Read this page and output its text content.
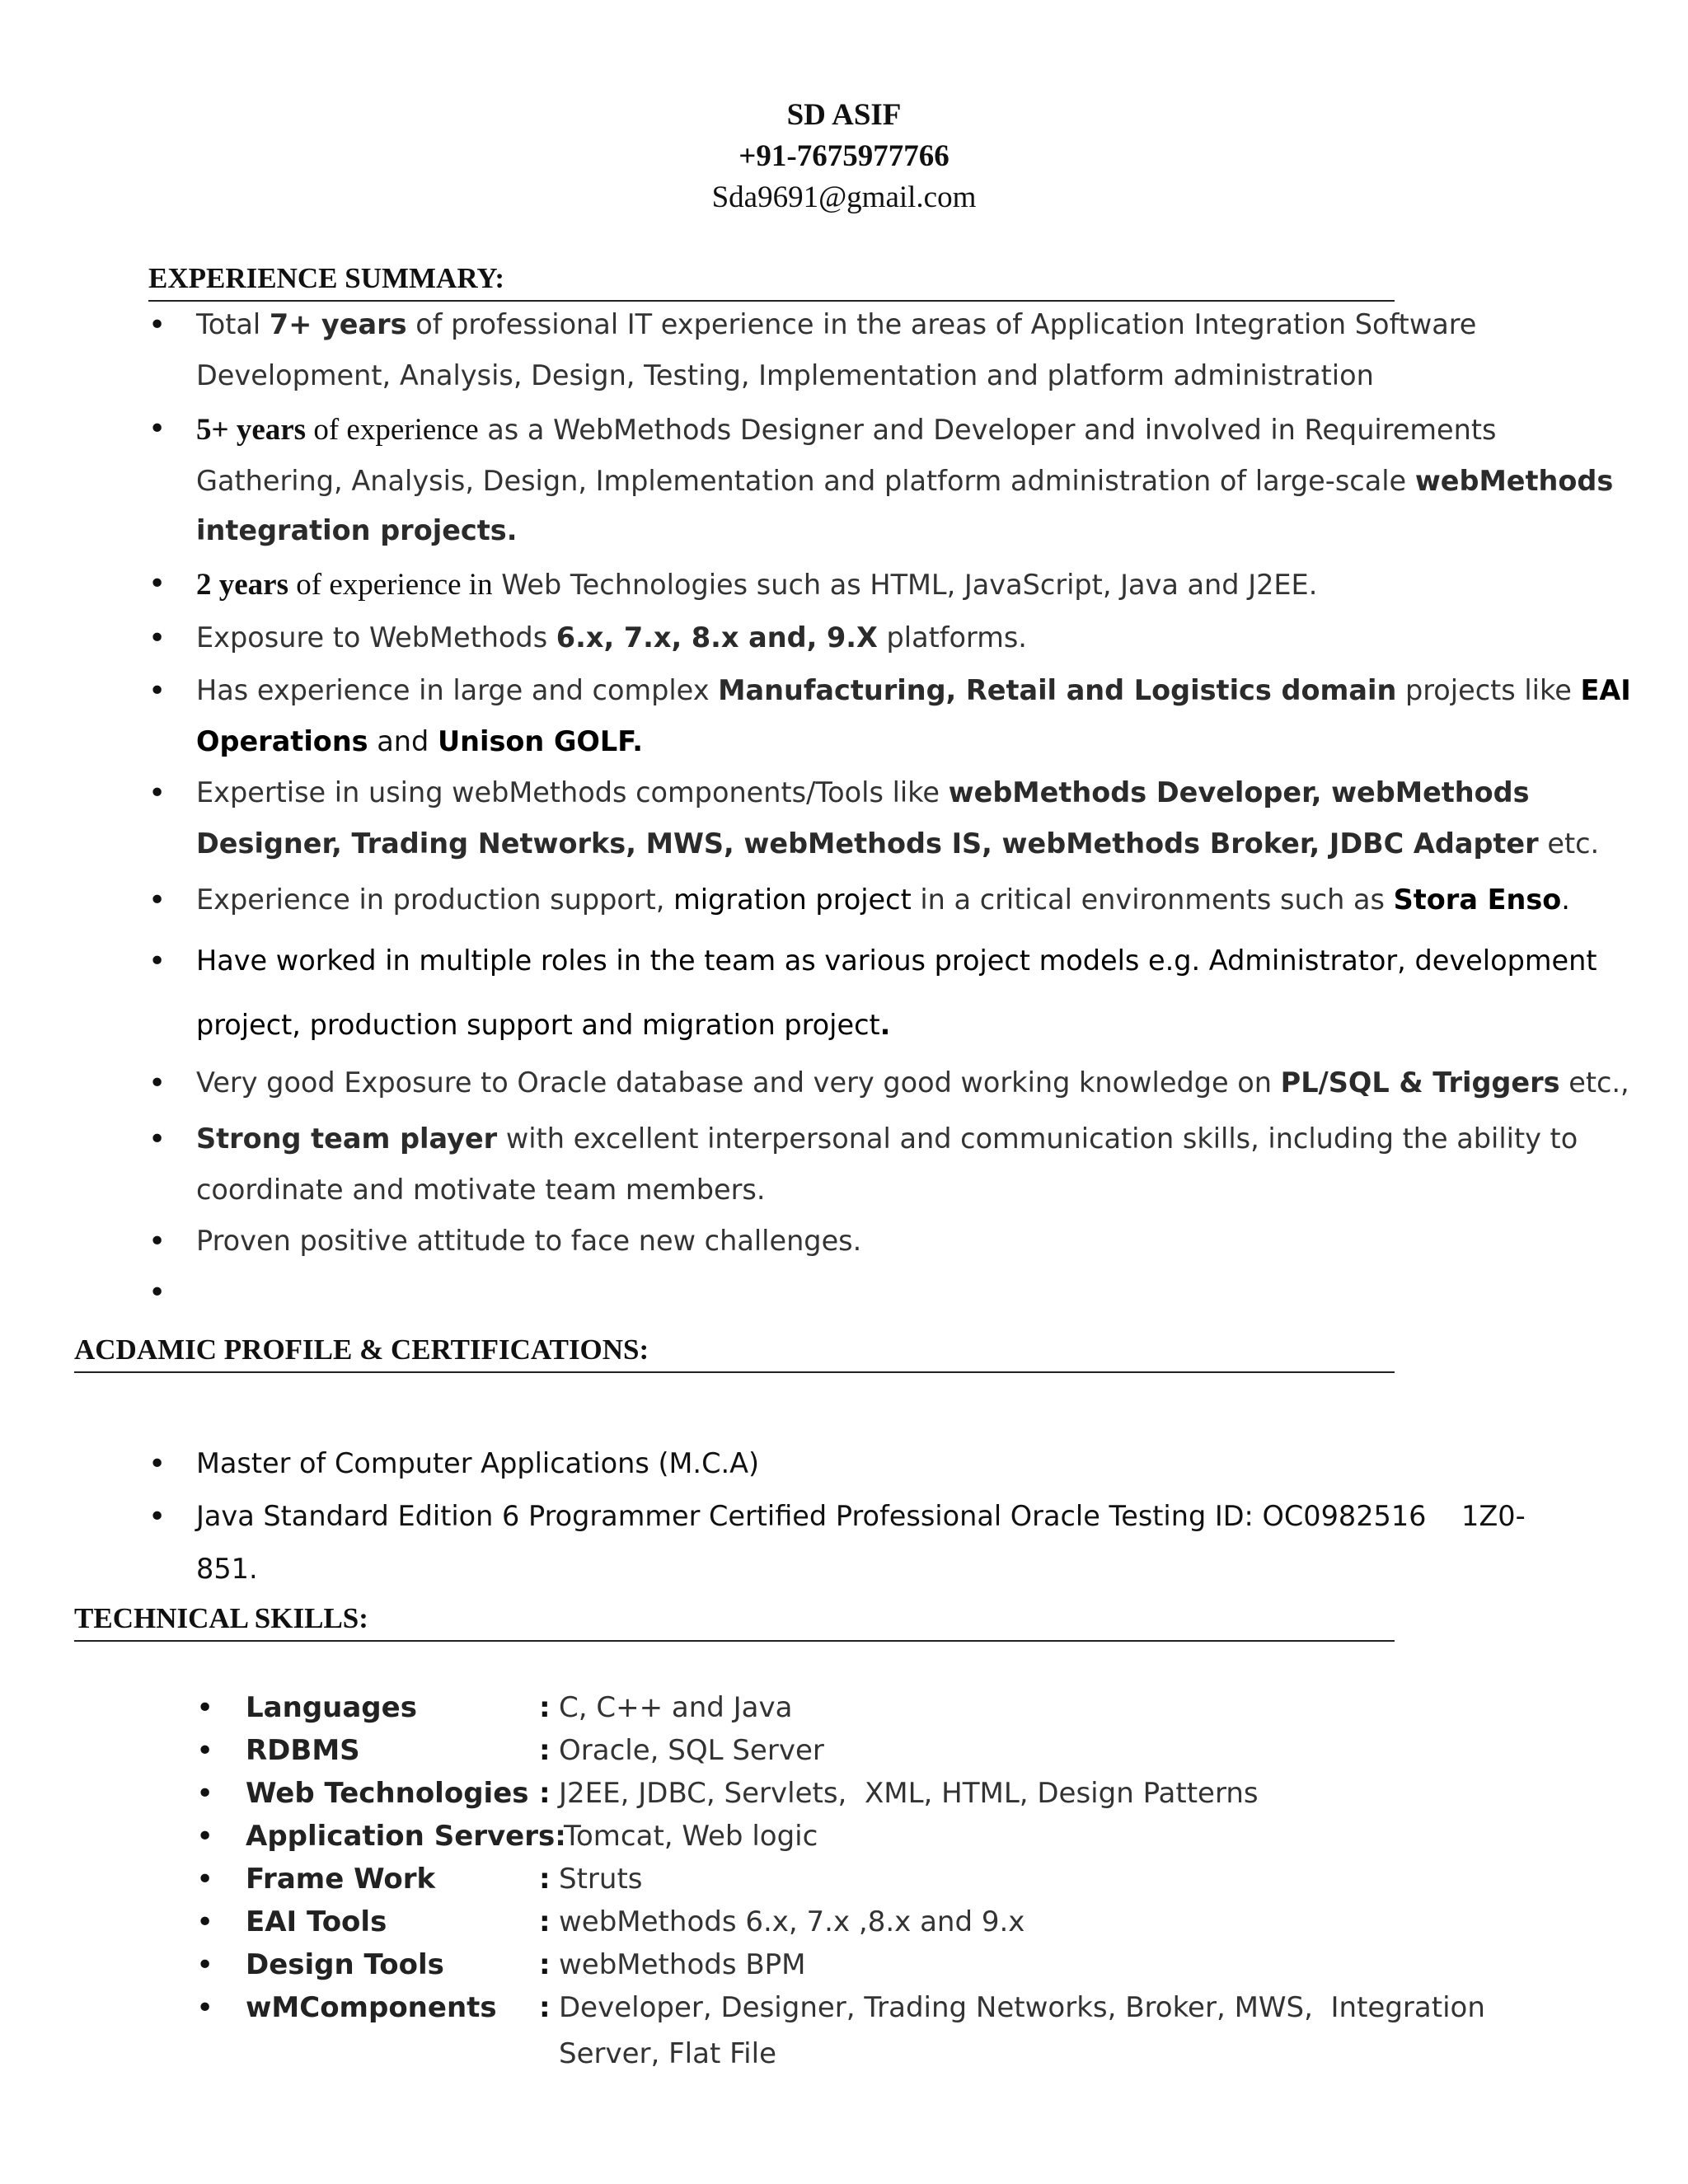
SD ASIF
+91-7675977766
Sda9691@gmail.com
EXPERIENCE SUMMARY:
• Total 7+ years of professional IT experience in the areas of Application Integration Software
Development, Analysis, Design, Testing, Implementation and platform administration
• 5+ years of experience as a WebMethods Designer and Developer and involved in Requirements
Gathering, Analysis, Design, Implementation and platform administration of large-scale webMethods
integration projects.
• 2 years of experience in Web Technologies such as HTML, JavaScript, Java and J2EE.
• Exposure to WebMethods 6.x, 7.x, 8.x and, 9.X platforms.
• Has experience in large and complex Manufacturing, Retail and Logistics domain projects like EAI
Operations and Unison GOLF.
• Expertise in using webMethods components/Tools like webMethods Developer, webMethods
Designer, Trading Networks, MWS, webMethods IS, webMethods Broker, JDBC Adapter etc.
• Experience in production support, migration project in a critical environments such as Stora Enso.
• Have worked in multiple roles in the team as various project models e.g. Administrator, development
project, production support and migration project.
• Very good Exposure to Oracle database and very good working knowledge on PL/SQL & Triggers etc.,
• Strong team player with excellent interpersonal and communication skills, including the ability to
coordinate and motivate team members.
• Proven positive attitude to face new challenges.
•
ACDAMIC PROFILE & CERTIFICATIONS:
• Master of Computer Applications (M.C.A)
• Java Standard Edition 6 Programmer Certified Professional Oracle Testing ID: OC0982516    1Z0-
851.
TECHNICAL SKILLS:
• Languages	: C, C++ and Java
• RDBMS	: Oracle, SQL Server
• Web Technologies : J2EE, JDBC, Servlets,  XML, HTML, Design Patterns
• Application Servers:
Tomcat, Web logic
• Frame Work	: Struts
• EAI Tools	: webMethods 6.x, 7.x ,8.x and 9.x
• Design Tools	: webMethods BPM
• wMComponents : Developer, Designer, Trading Networks, Broker, MWS,  Integration
Server, Flat File
